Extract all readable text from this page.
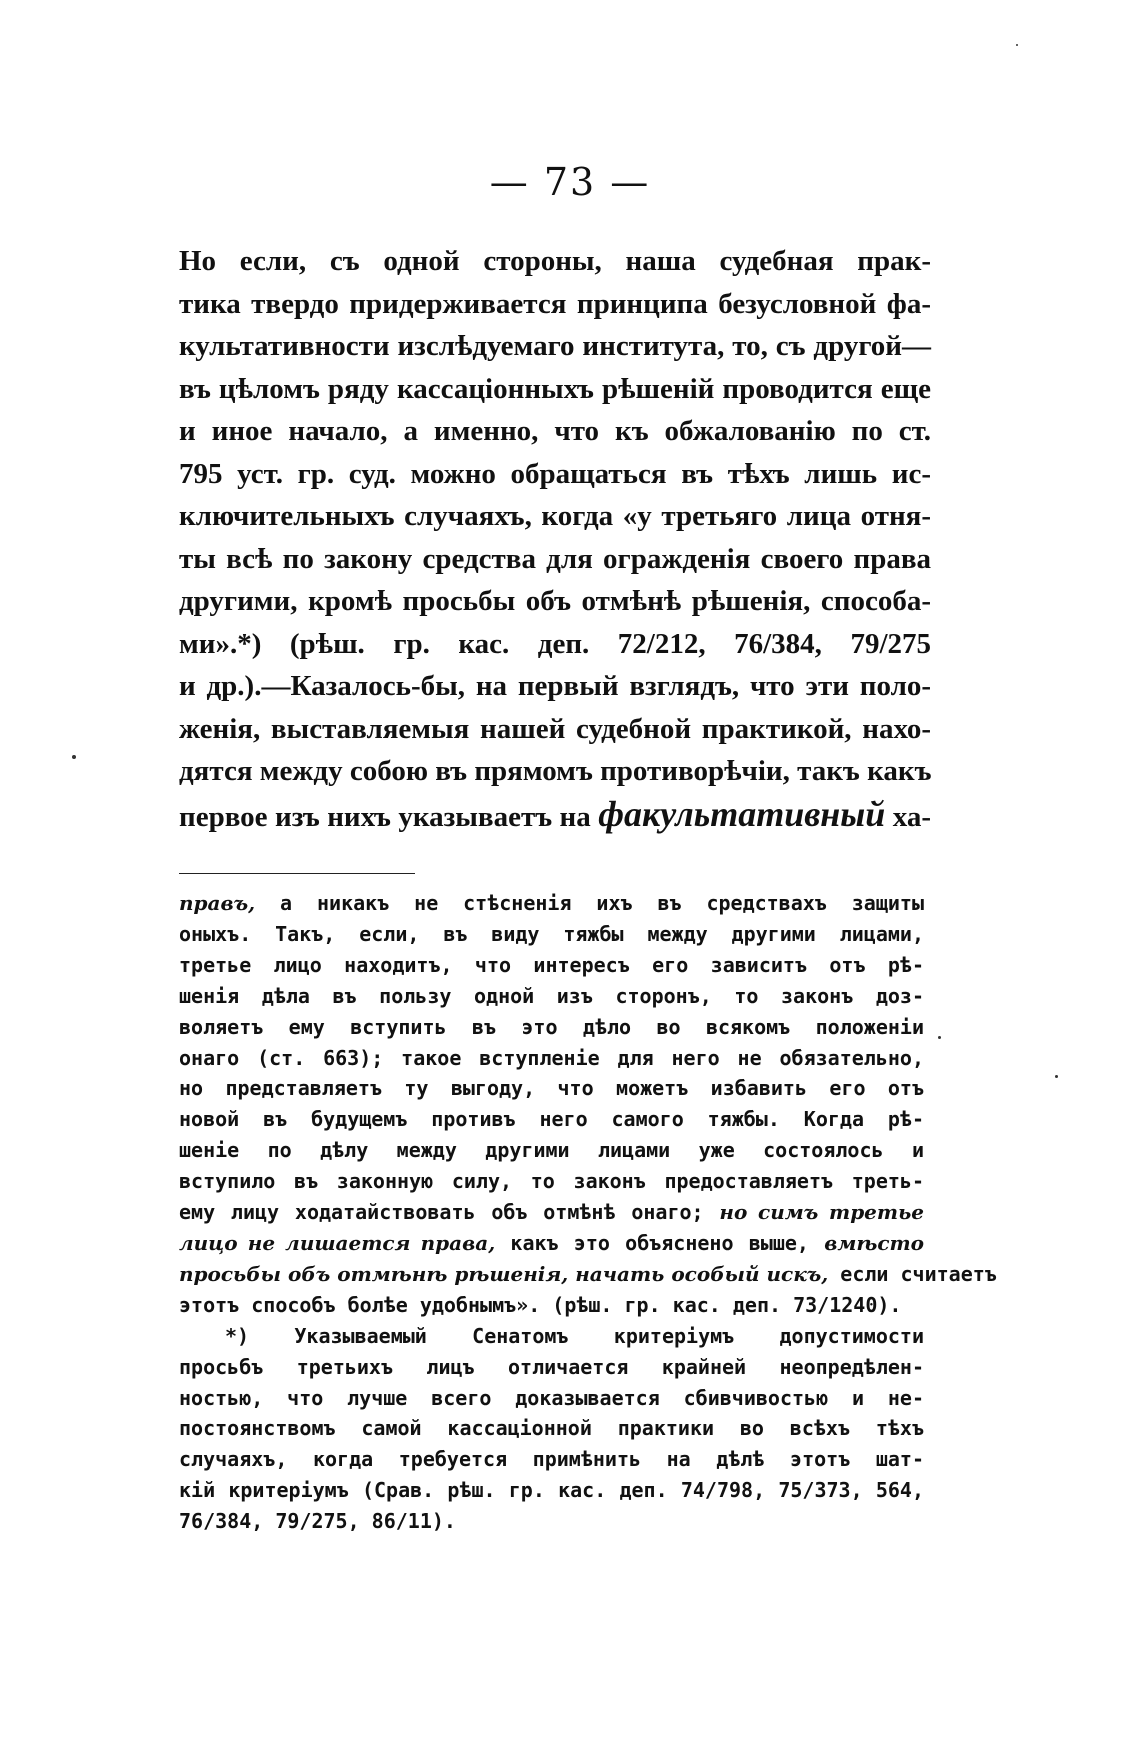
— 73 —
Но если, съ одной стороны, наша судебная прак-
тика твердо придерживается принципа безусловной фа-
культативности изслѣдуемаго института, то, съ другой—
въ цѣломъ ряду кассаціонныхъ рѣшеній проводится еще
и иное начало, а именно, что къ обжалованію по ст.
795 уст. гр. суд. можно обращаться въ тѣхъ лишь ис-
ключительныхъ случаяхъ, когда «у третьяго лица отня-
ты всѣ по закону средства для огражденія своего права
другими, кромѣ просьбы объ отмѣнѣ рѣшенія, способа-
ми».*) (рѣш. гр. кас. деп. 72/212, 76/384, 79/275
и др.).—Казалось-бы, на первый взглядъ, что эти поло-
женія, выставляемыя нашей судебной практикой, нахо-
дятся между собою въ прямомъ противорѣчіи, такъ какъ
первое изъ нихъ указываетъ на факультативный ха-
правъ, а никакъ не стѣсненія ихъ въ средствахъ защиты
оныхъ. Такъ, если, въ виду тяжбы между другими лицами,
третье лицо находитъ, что интересъ его зависитъ отъ рѣ-
шенія дѣла въ пользу одной изъ сторонъ, то законъ доз-
воляетъ ему вступить въ это дѣло во всякомъ положеніи
онаго (ст. 663); такое вступленіе для него не обязательно,
но представляетъ ту выгоду, что можетъ избавить его отъ
новой въ будущемъ противъ него самого тяжбы. Когда рѣ-
шеніе по дѣлу между другими лицами уже состоялось и
вступило въ законную силу, то законъ предоставляетъ треть-
ему лицу ходатайствовать объ отмѣнѣ онаго; но симъ третье
лицо не лишается права, какъ это объяснено выше, вмѣсто
просьбы объ отмѣнѣ рѣшенія, начать особый искъ, если считаетъ
этотъ способъ болѣе удобнымъ». (рѣш. гр. кас. деп. 73/1240).
*) Указываемый Сенатомъ критеріумъ допустимости
просьбъ третьихъ лицъ отличается крайней неопредѣлен-
ностью, что лучше всего доказывается сбивчивостью и не-
постоянствомъ самой кассаціонной практики во всѣхъ тѣхъ
случаяхъ, когда требуется примѣнить на дѣлѣ этотъ шат-
кій критеріумъ (Срав. рѣш. гр. кас. деп. 74/798, 75/373, 564,
76/384, 79/275, 86/11).
